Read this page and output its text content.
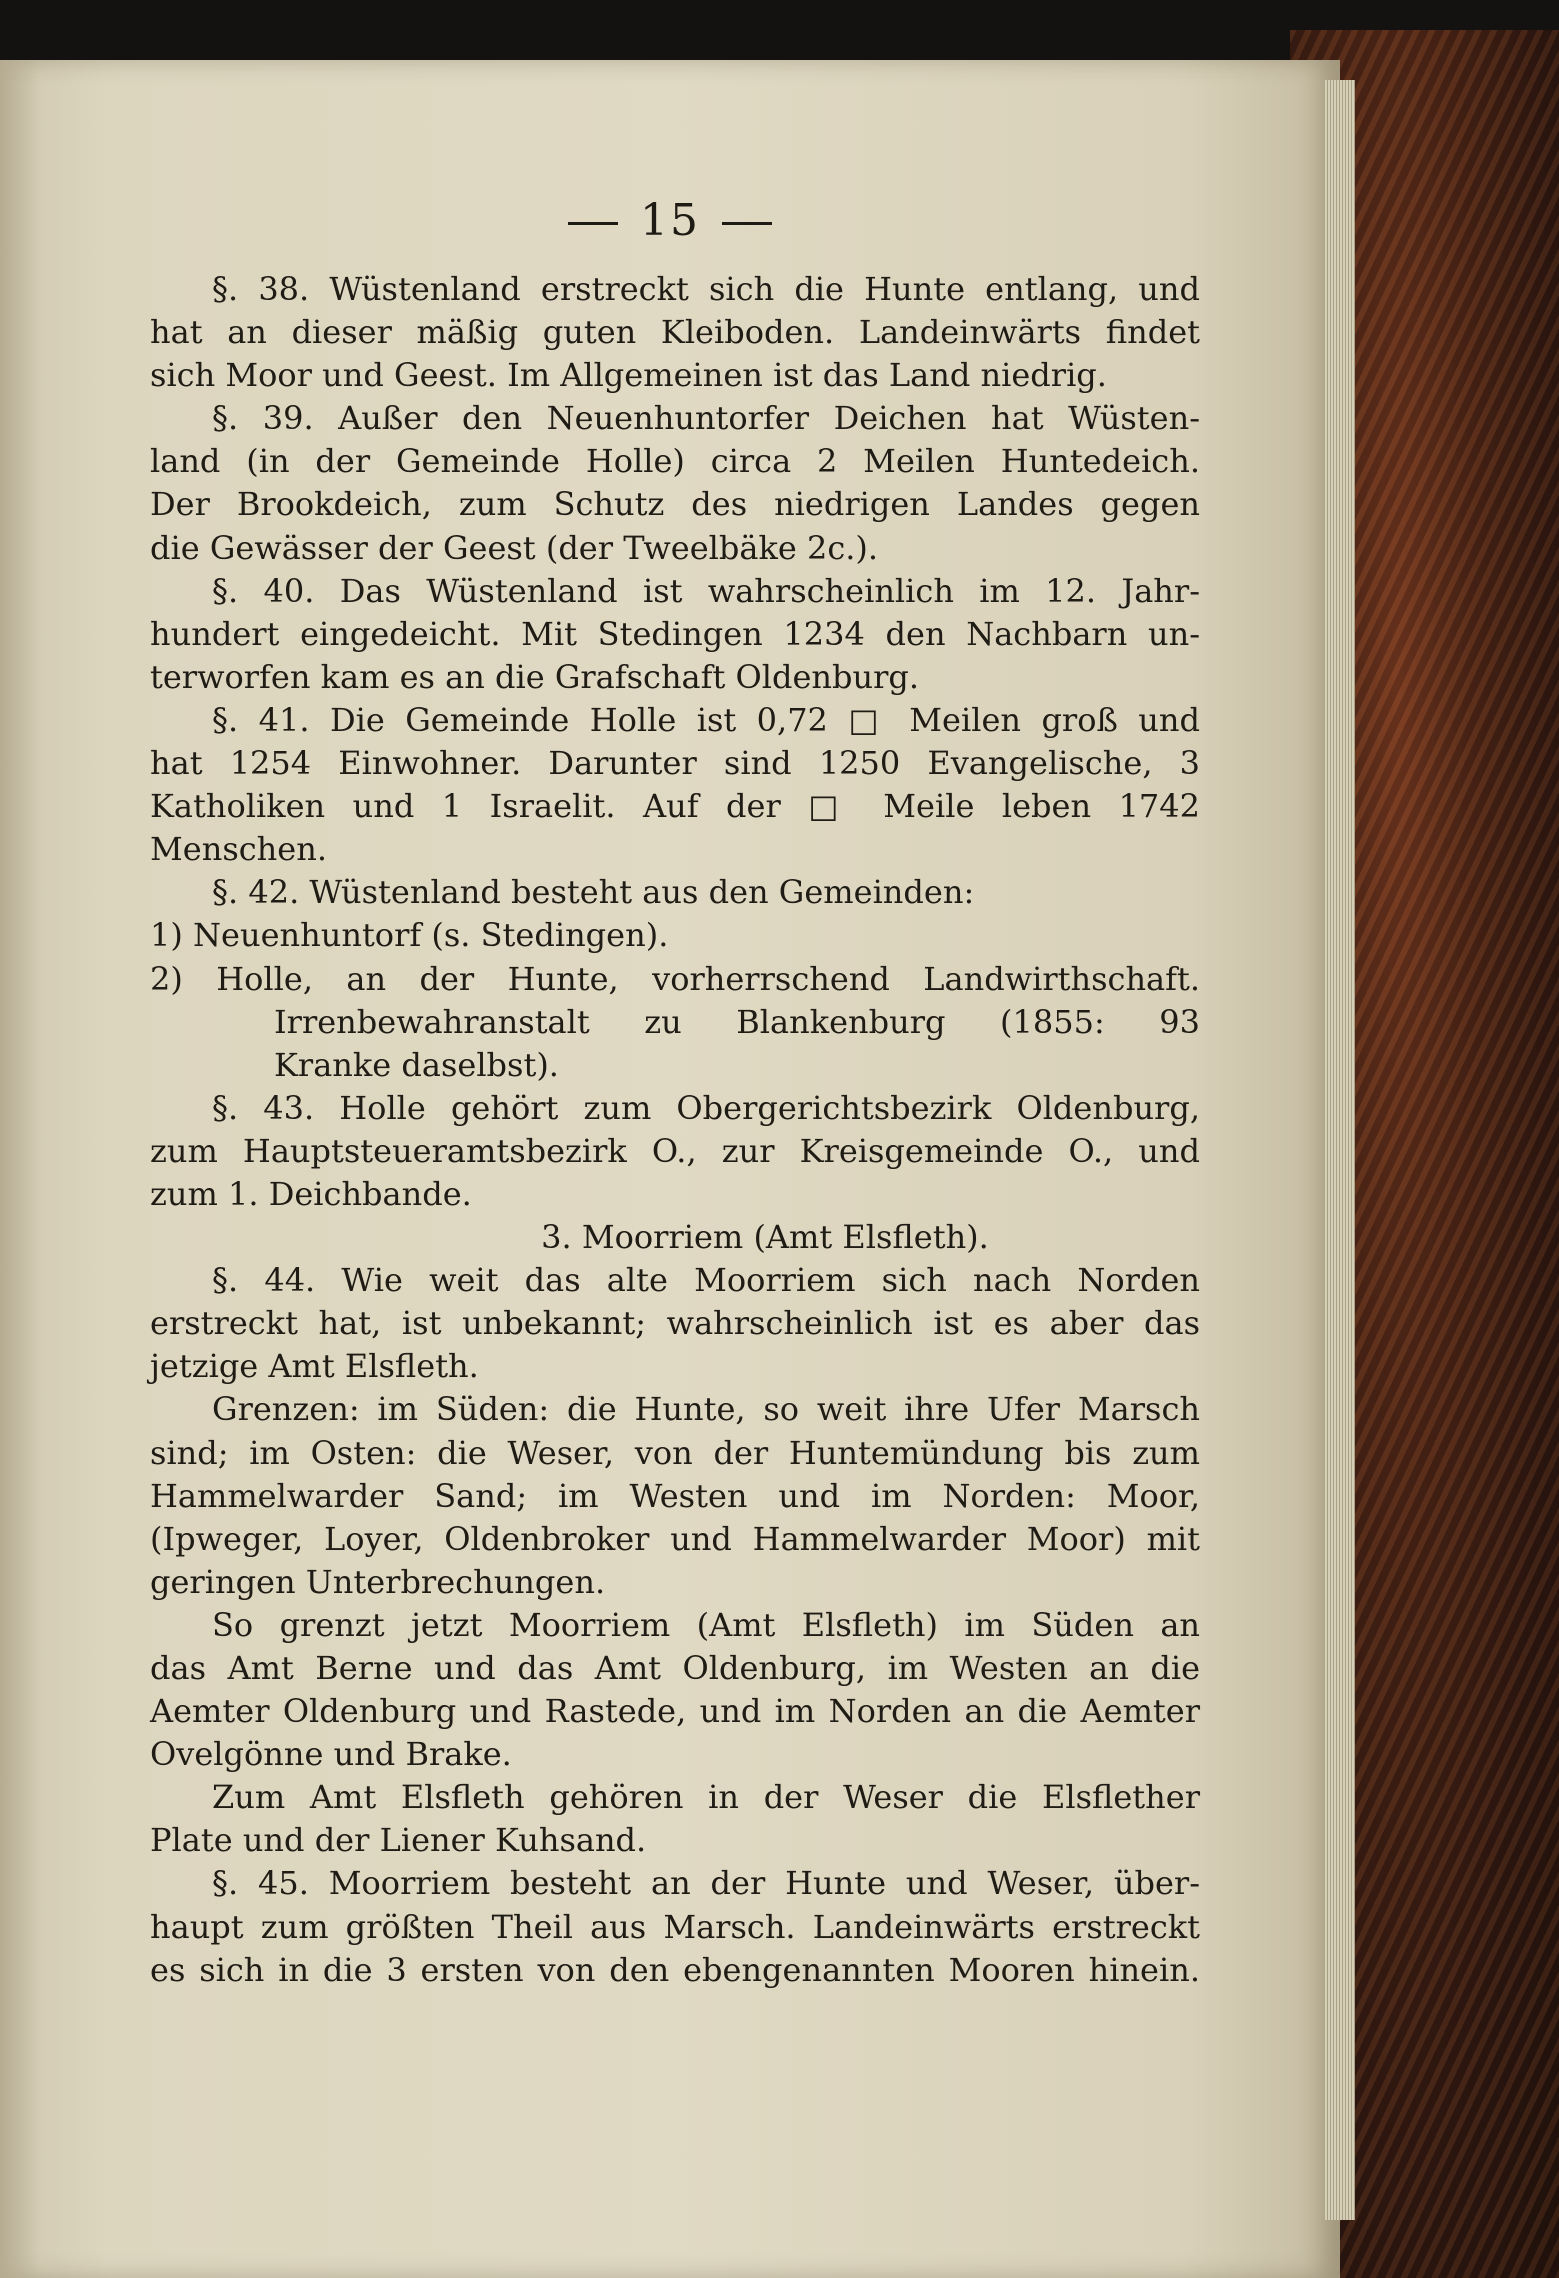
15
§. 38. Wüstenland erstreckt sich die Hunte entlang, und
hat an dieser mäßig guten Kleiboden. Landeinwärts findet
sich Moor und Geest. Im Allgemeinen ist das Land niedrig.
§. 39. Außer den Neuenhuntorfer Deichen hat Wüsten-
land (in der Gemeinde Holle) circa 2 Meilen Huntedeich.
Der Brookdeich, zum Schutz des niedrigen Landes gegen
die Gewässer der Geest (der Tweelbäke 2c.).
§. 40. Das Wüstenland ist wahrscheinlich im 12. Jahr-
hundert eingedeicht. Mit Stedingen 1234 den Nachbarn un-
terworfen kam es an die Grafschaft Oldenburg.
§. 41. Die Gemeinde Holle ist 0,72 □ Meilen groß und
hat 1254 Einwohner. Darunter sind 1250 Evangelische, 3
Katholiken und 1 Israelit. Auf der □ Meile leben 1742
Menschen.
§. 42. Wüstenland besteht aus den Gemeinden:
1) Neuenhuntorf (s. Stedingen).
2) Holle, an der Hunte, vorherrschend Landwirthschaft.
Irrenbewahranstalt zu Blankenburg (1855: 93
Kranke daselbst).
§. 43. Holle gehört zum Obergerichtsbezirk Oldenburg,
zum Hauptsteueramtsbezirk O., zur Kreisgemeinde O., und
zum 1. Deichbande.
3. Moorriem (Amt Elsfleth).
§. 44. Wie weit das alte Moorriem sich nach Norden
erstreckt hat, ist unbekannt; wahrscheinlich ist es aber das
jetzige Amt Elsfleth.
Grenzen: im Süden: die Hunte, so weit ihre Ufer Marsch
sind; im Osten: die Weser, von der Huntemündung bis zum
Hammelwarder Sand; im Westen und im Norden: Moor,
(Ipweger, Loyer, Oldenbroker und Hammelwarder Moor) mit
geringen Unterbrechungen.
So grenzt jetzt Moorriem (Amt Elsfleth) im Süden an
das Amt Berne und das Amt Oldenburg, im Westen an die
Aemter Oldenburg und Rastede, und im Norden an die Aemter
Ovelgönne und Brake.
Zum Amt Elsfleth gehören in der Weser die Elsflether
Plate und der Liener Kuhsand.
§. 45. Moorriem besteht an der Hunte und Weser, über-
haupt zum größten Theil aus Marsch. Landeinwärts erstreckt
es sich in die 3 ersten von den ebengenannten Mooren hinein.
